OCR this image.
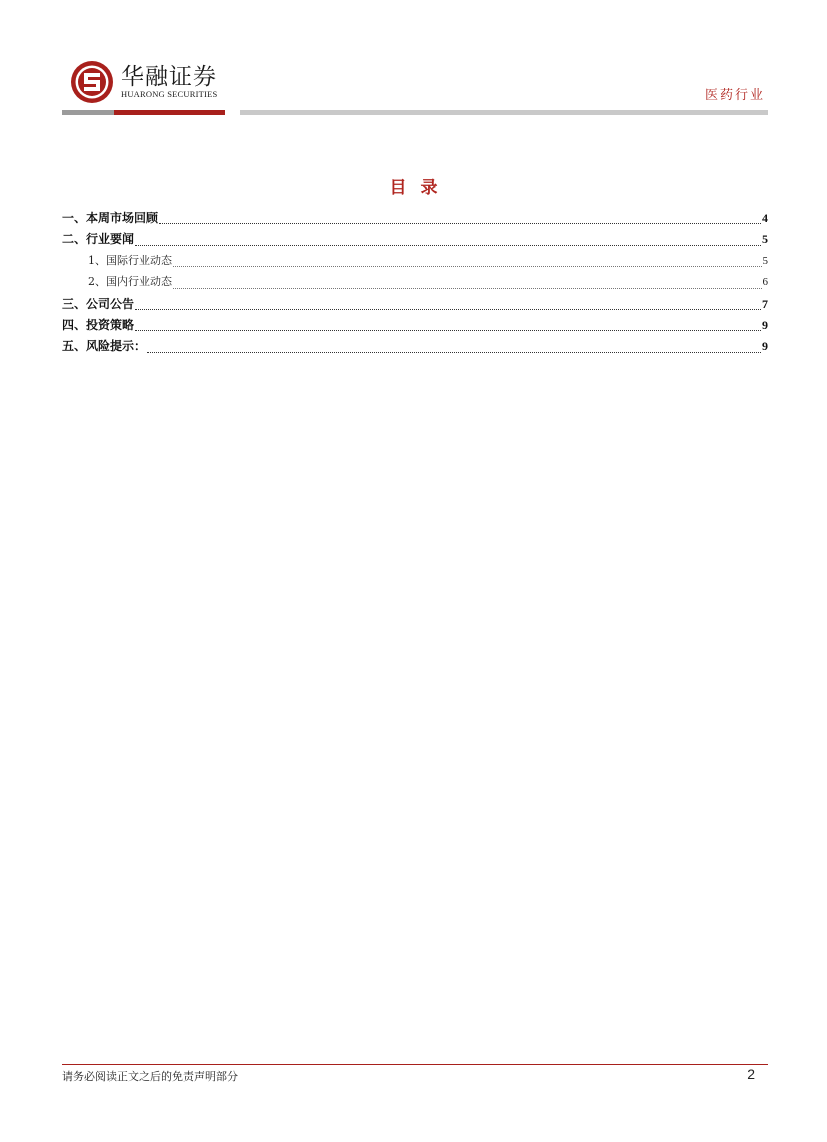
华融证券
HUARONG SECURITIES	医药行业
目录
一、本周市场回顾	4
二、行业要闻	5
1、国际行业动态	5
2、国内行业动态	6
三、公司公告	7
四、投资策略	9
五、风险提示：	9
请务必阅读正文之后的免责声明部分	2
